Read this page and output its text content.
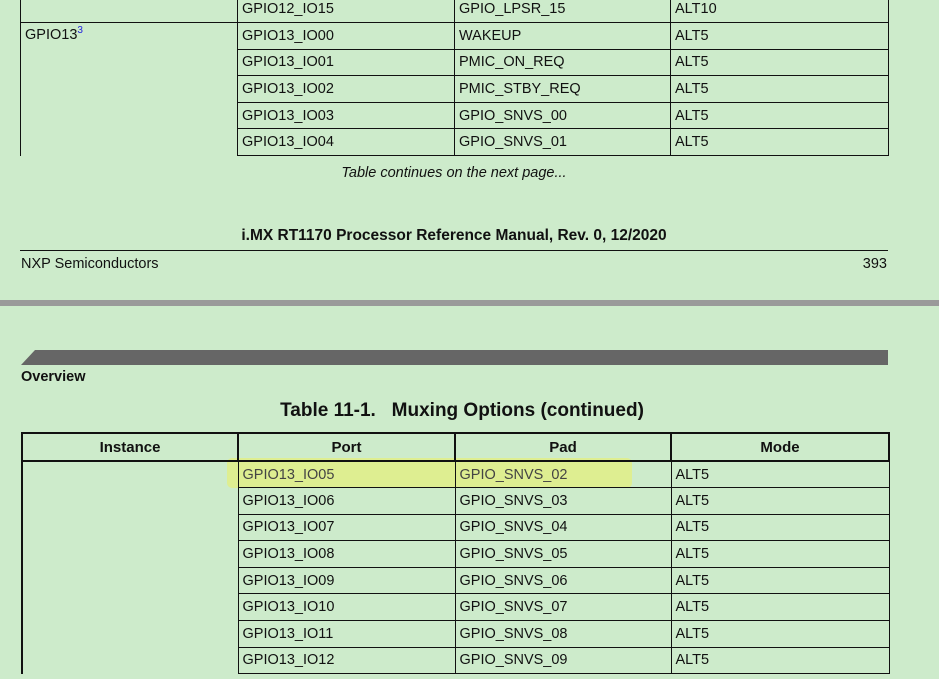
	GPIO12_IO15	GPIO_LPSR_15	ALT10
$GPIO13^3$	GPIO13_IO00	WAKEUP	ALT5
	GPIO13_IO01	PMIC_ON_REQ	ALT5
	GPIO13_IO02	PMIC_STBY_REQ	ALT5
	GPIO13_IO03	GPIO_SNVS_00	ALT5
	GPIO13_IO04	GPIO_SNVS_01	ALT5
Table continues on the next page...
i.MX RT1170 Processor Reference Manual, Rev. 0, 12/2020
NXP Semiconductors	393
Overview
Table 11-1.   Muxing Options (continued)
Instance	Port	Pad	Mode
	GPIO13_IO05	GPIO_SNVS_02	ALT5
	GPIO13_IO06	GPIO_SNVS_03	ALT5
	GPIO13_IO07	GPIO_SNVS_04	ALT5
	GPIO13_IO08	GPIO_SNVS_05	ALT5
	GPIO13_IO09	GPIO_SNVS_06	ALT5
	GPIO13_IO10	GPIO_SNVS_07	ALT5
	GPIO13_IO11	GPIO_SNVS_08	ALT5
	GPIO13_IO12	GPIO_SNVS_09	ALT5
